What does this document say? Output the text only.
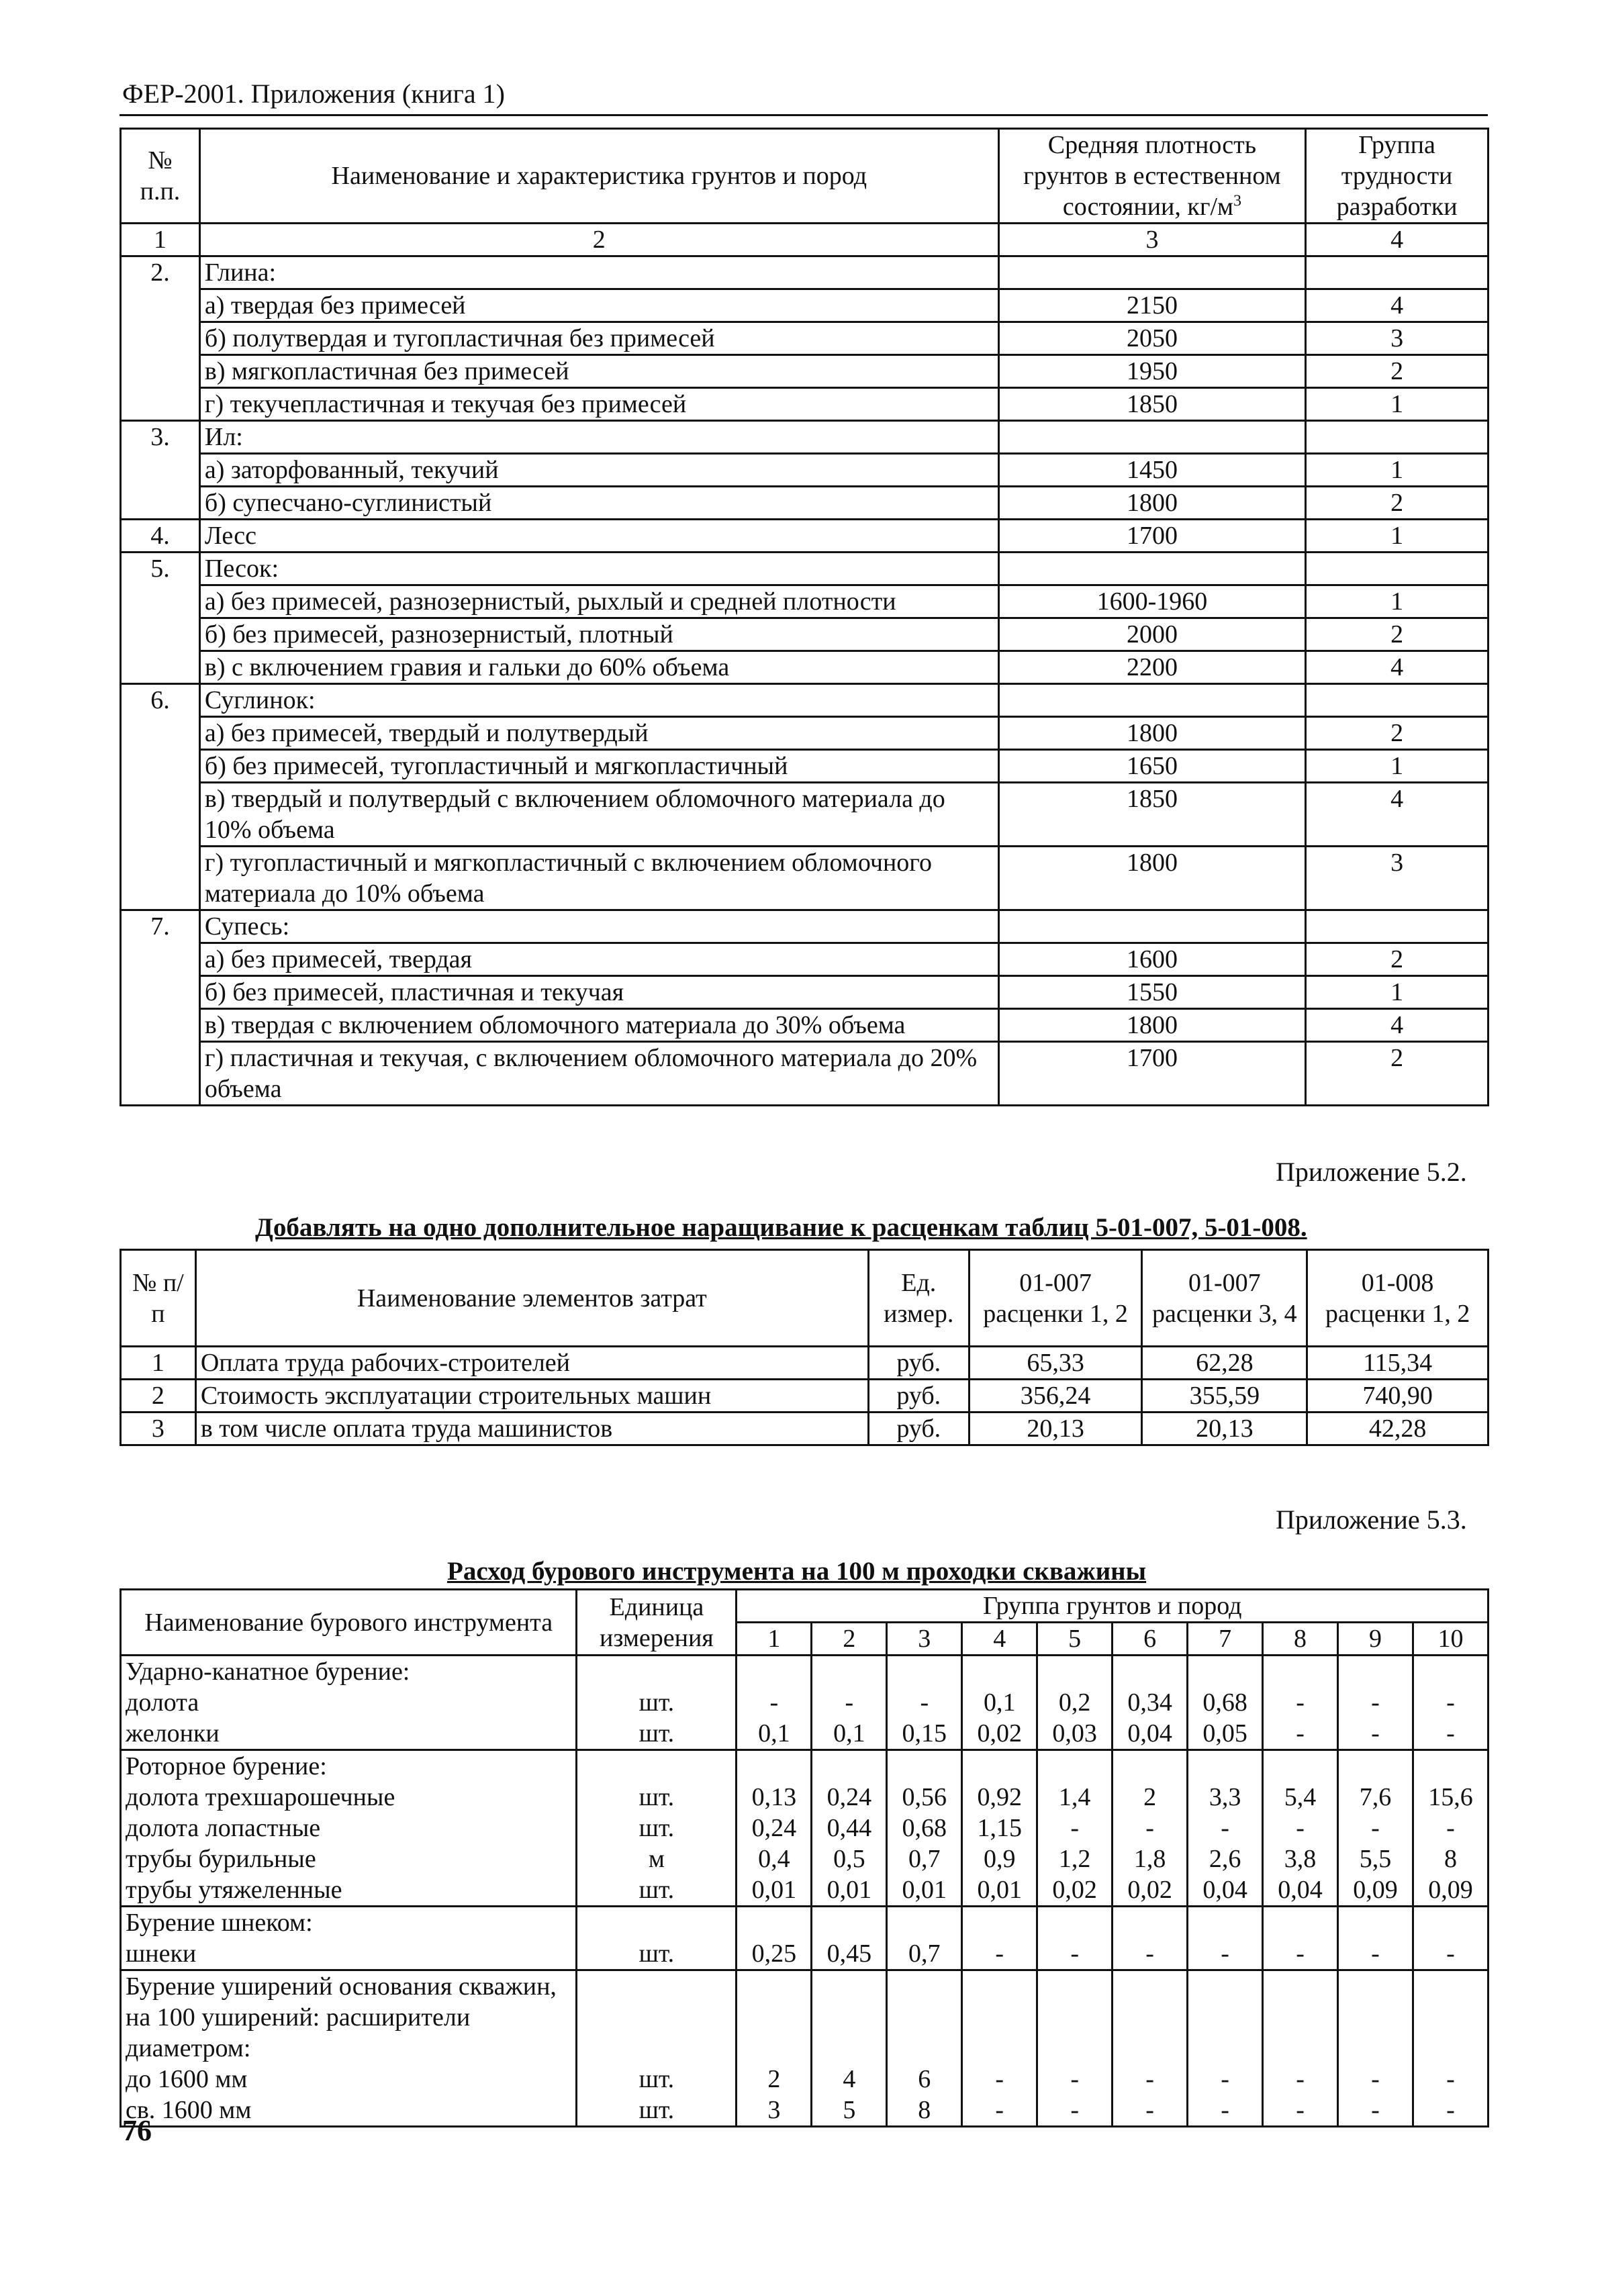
ФЕР-2001. Приложения (книга 1)
№ п.п.	Наименование и характеристика грунтов и пород	Средняя плотность грунтов в естественном состоянии, $кг/м^3$	Группа трудности разработки
1	2	3	4
2.	Глина:		
	а) твердая без примесей	2150	4
	б) полутвердая и тугопластичная без примесей	2050	3
	в) мягкопластичная без примесей	1950	2
	г) текучепластичная и текучая без примесей	1850	1
3.	Ил:		
	а) заторфованный, текучий	1450	1
	б) супесчано-суглинистый	1800	2
4.	Лесс	1700	1
5.	Песок:		
	а) без примесей, разнозернистый, рыхлый и средней плотности	1600-1960	1
	б) без примесей, разнозернистый, плотный	2000	2
	в) с включением гравия и гальки до 60% объема	2200	4
6.	Суглинок:		
	а) без примесей, твердый и полутвердый	1800	2
	б) без примесей, тугопластичный и мягкопластичный	1650	1
	в) твердый и полутвердый с включением обломочного материала до 10% объема	1850	4
	г) тугопластичный и мягкопластичный с включением обломочного материала до 10% объема	1800	3
7.	Супесь:		
	а) без примесей, твердая	1600	2
	б) без примесей, пластичная и текучая	1550	1
	в) твердая с включением обломочного материала до 30% объема	1800	4
	г) пластичная и текучая, с включением обломочного материала до 20% объема	1700	2
Приложение 5.2.
Добавлять на одно дополнительное наращивание к расценкам таблиц 5-01-007, 5-01-008.
№ п/п	Наименование элементов затрат	Ед. измер.	01-007 расценки 1, 2	01-007 расценки 3, 4	01-008 расценки 1, 2
1	Оплата труда рабочих-строителей	руб.	65,33	62,28	115,34
2	Стоимость эксплуатации строительных машин	руб.	356,24	355,59	740,90
3	в том числе оплата труда машинистов	руб.	20,13	20,13	42,28
Приложение 5.3.
Расход бурового инструмента на 100 м проходки скважины
Наименование бурового инструмента	Единица измерения	Группа грунтов и пород									
		1	2	3	4	5	6	7	8	9	10
Ударно-канатное бурение:											
долота	шт.	-	-	-	0,1	0,2	0,34	0,68	-	-	-
желонки	шт.	0,1	0,1	0,15	0,02	0,03	0,04	0,05	-	-	-
Роторное бурение:											
долота трехшарошечные	шт.	0,13	0,24	0,56	0,92	1,4	2	3,3	5,4	7,6	15,6
долота лопастные	шт.	0,24	0,44	0,68	1,15	-	-	-	-	-	-
трубы бурильные	м	0,4	0,5	0,7	0,9	1,2	1,8	2,6	3,8	5,5	8
трубы утяжеленные	шт.	0,01	0,01	0,01	0,01	0,02	0,02	0,04	0,04	0,09	0,09
Бурение шнеком:											
шнеки	шт.	0,25	0,45	0,7	-	-	-	-	-	-	-
Бурение уширений основания скважин, на 100 уширений: расширители диаметром:											
до 1600 мм	шт.	2	4	6	-	-	-	-	-	-	-
св. 1600 мм	шт.	3	5	8	-	-	-	-	-	-	-
76
